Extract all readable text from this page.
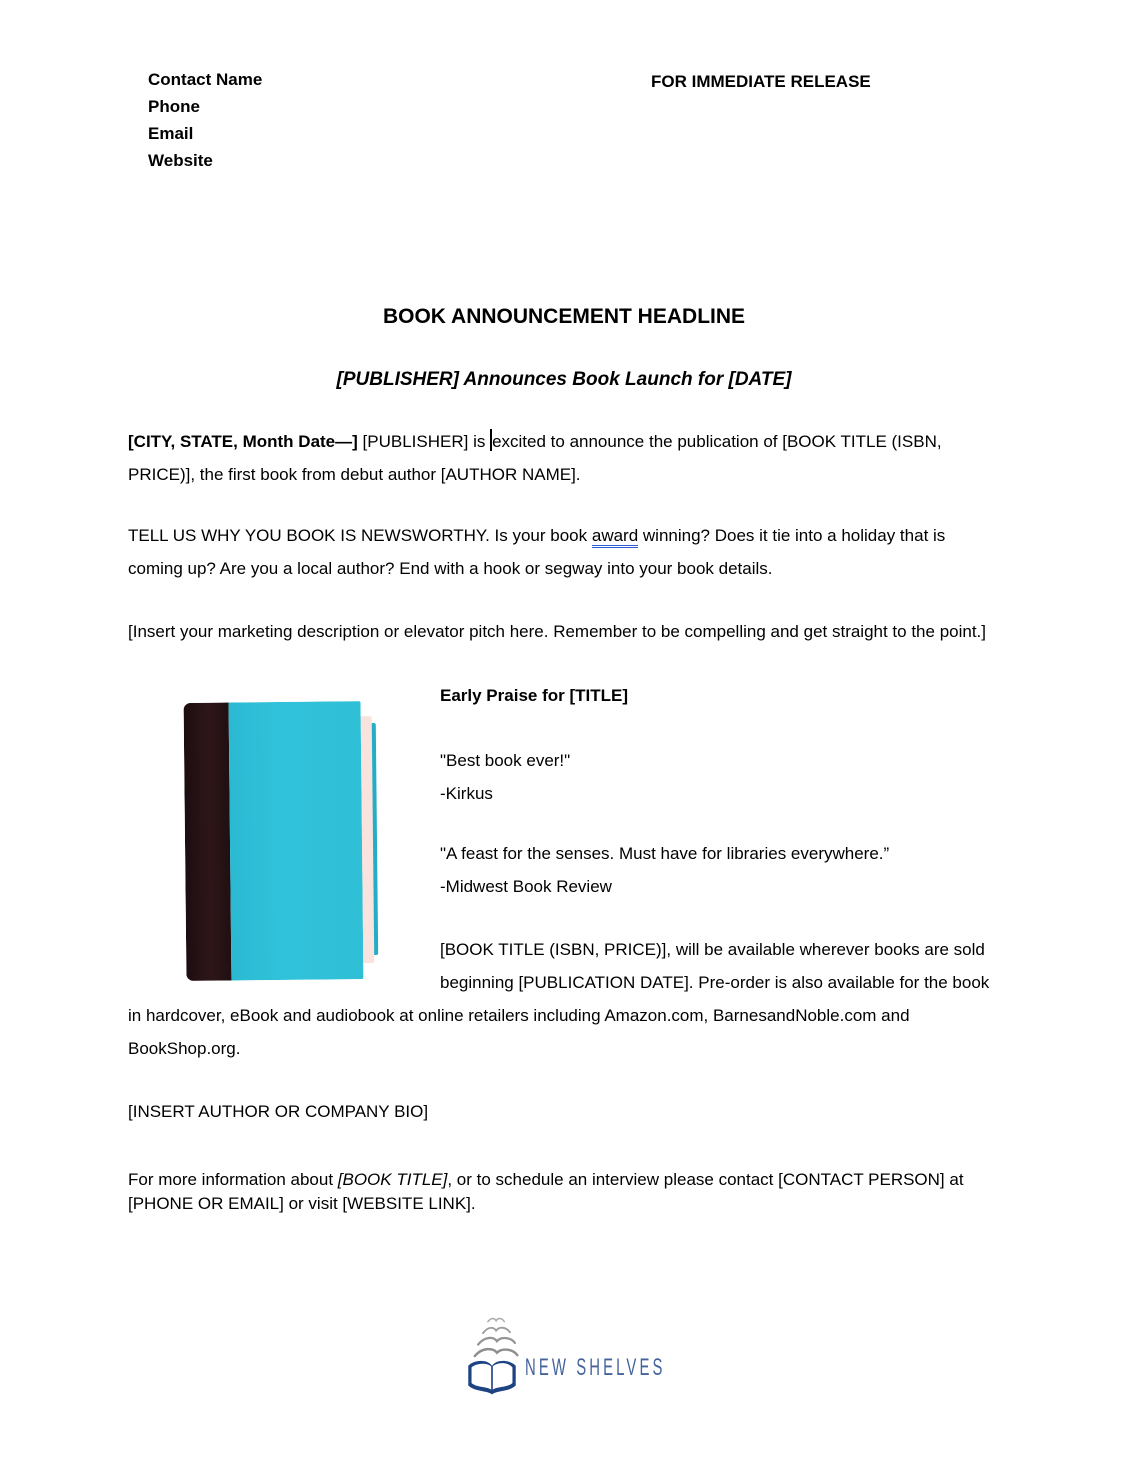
Contact Name
Phone
Email
Website
FOR IMMEDIATE RELEASE
BOOK ANNOUNCEMENT HEADLINE
[PUBLISHER] Announces Book Launch for [DATE]

[CITY, STATE, Month Date—] [PUBLISHER] is excited to announce the publication of [BOOK TITLE (ISBN, PRICE)], the first book from debut author [AUTHOR NAME].

TELL US WHY YOU BOOK IS NEWSWORTHY. Is your book award winning? Does it tie into a holiday that is coming up? Are you a local author? End with a hook or segway into your book details.

[Insert your marketing description or elevator pitch here. Remember to be compelling and get straight to the point.]

Early Praise for [TITLE]

"Best book ever!"

-Kirkus

"A feast for the senses. Must have for libraries everywhere.”

-Midwest Book Review

[BOOK TITLE (ISBN, PRICE)], will be available wherever books are sold beginning [PUBLICATION DATE]. Pre-order is also available for the book in hardcover, eBook and audiobook at online retailers including Amazon.com, BarnesandNoble.com and BookShop.org.

[INSERT AUTHOR OR COMPANY BIO]

For more information about [BOOK TITLE], or to schedule an interview please contact [CONTACT PERSON] at [PHONE OR EMAIL] or visit [WEBSITE LINK].

NEW SHELVES
